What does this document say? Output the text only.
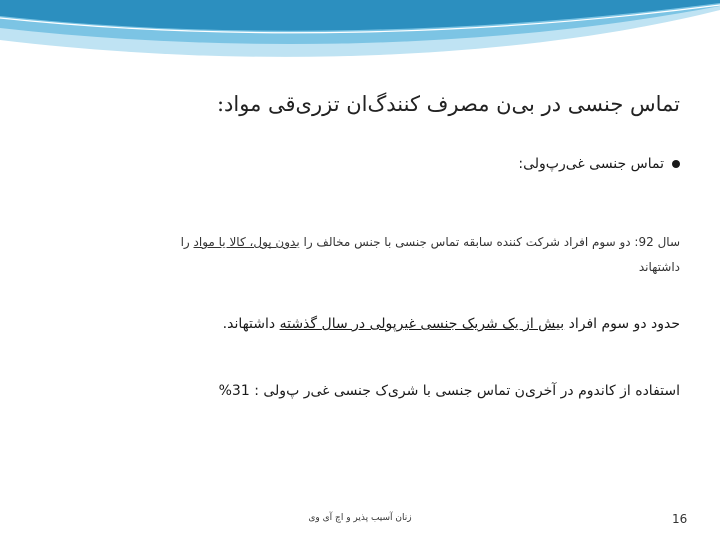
تماس جنسی در بی‌ن مصرف کنندگ‌ان تزری‌قی مواد:
تماس جنسی غی‌رپ‌ولی:
سال 92: دو سوم افراد شرکت کننده سابقه تماس جنسی با جنس مخالف را بدون پول، کالا یا مواد را
داشتهاند
حدود دو سوم افراد بیش از یک شریک جنسی غیرپولی در سال گذشته داشتهاند.
استفاده از کاندوم در آخری‌ن تماس جنسی با شری‌ک جنسی غی‌ر پ‌ولی : 31%
زنان آسیب پذیر و اچ آی وی	16
